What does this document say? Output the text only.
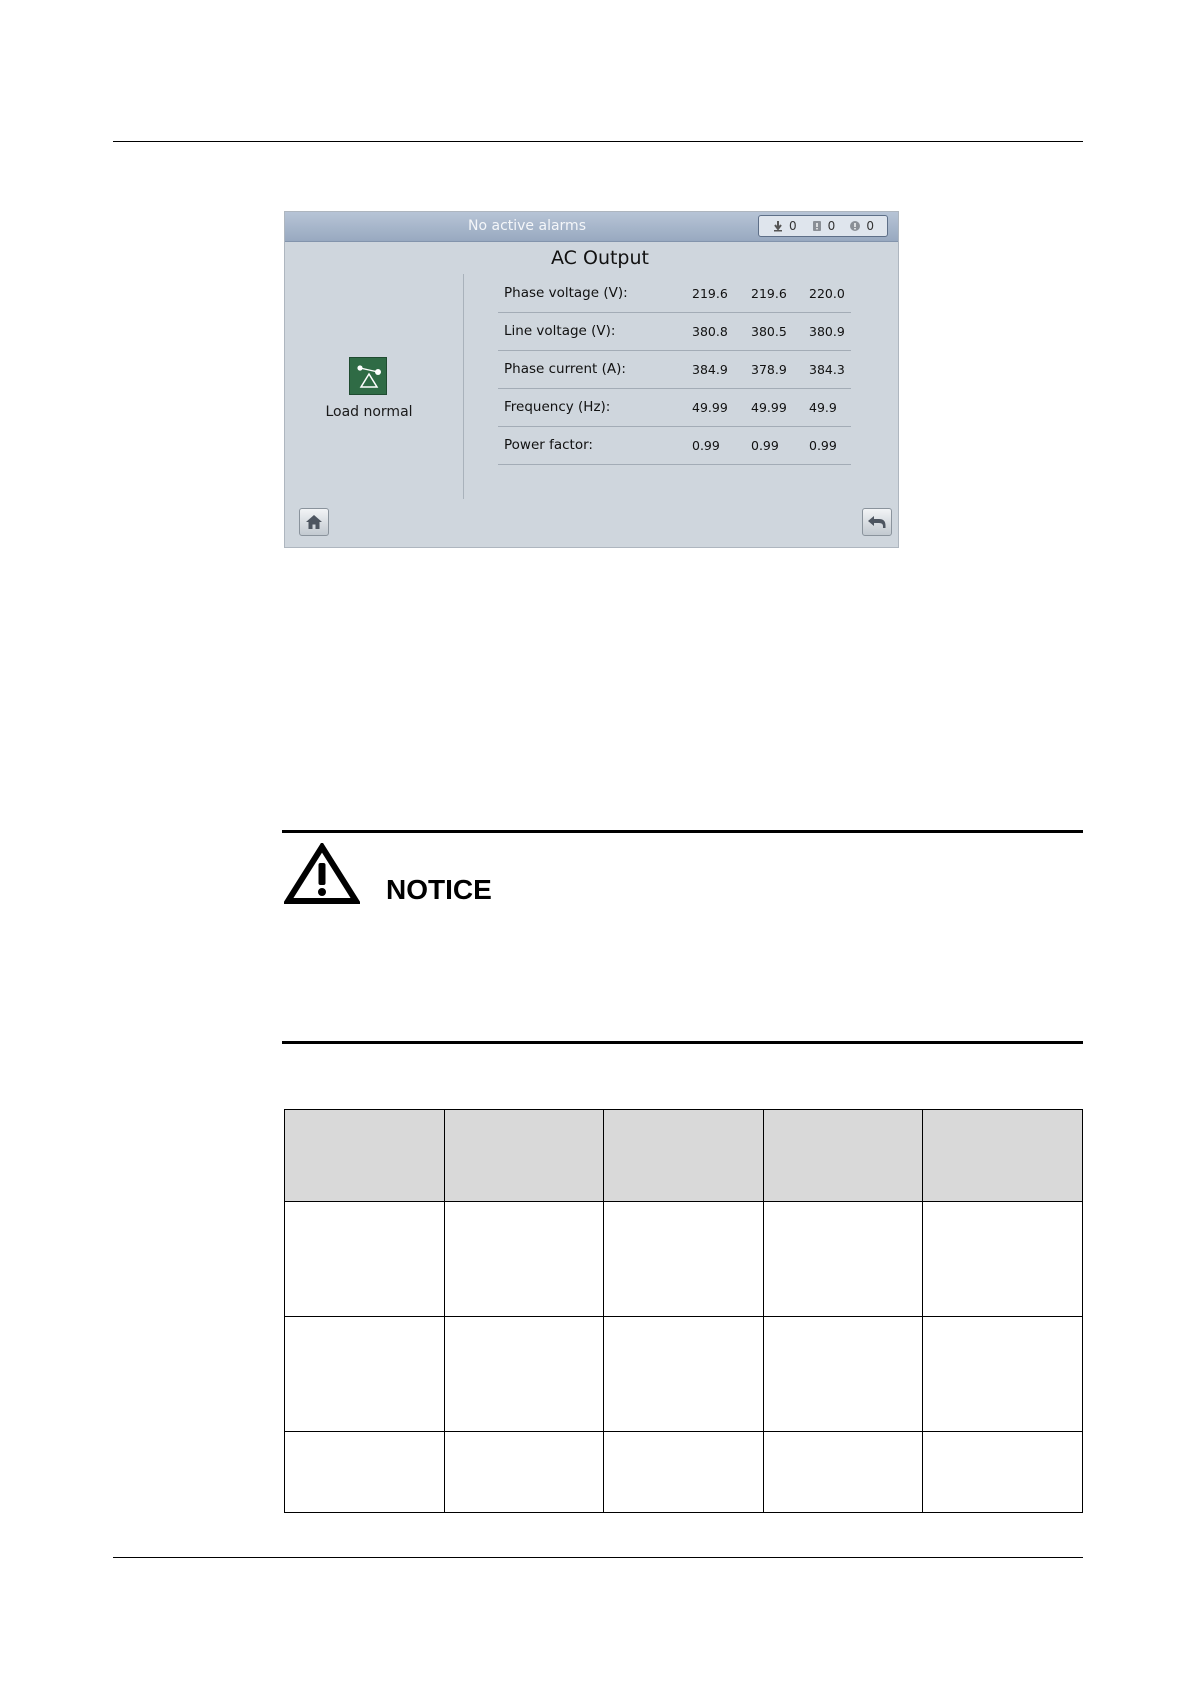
No active alarms	0	0	0
AC Output
Load normal
Phase voltage (V):	219.6 219.6 220.0
Line voltage (V):	380.8 380.5 380.9
Phase current (A):	384.9 378.9 384.3
Frequency (Hz):	49.99 49.99 49.9
Power factor:	0.99 0.99 0.99
NOTICE
